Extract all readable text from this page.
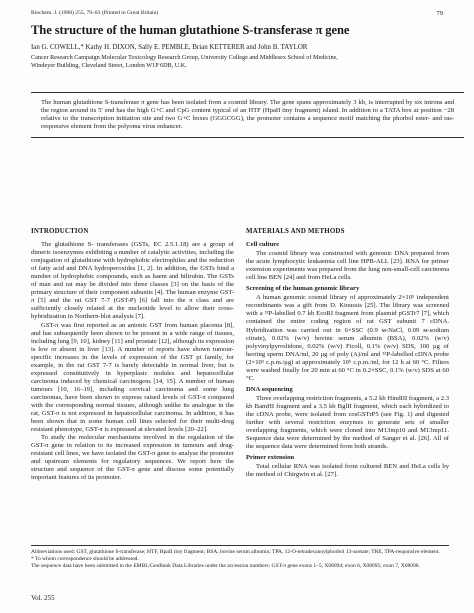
Biochem. J. (1988) 255, 79–83 (Printed in Great Britain)	79
The structure of the human glutathione S-transferase π gene
Ian G. COWELL,* Kathy H. DIXON, Sally E. PEMBLE, Brian KETTERER and John B. TAYLOR
Cancer Research Campaign Molecular Toxicology Research Group, University College and Middlesex School of Medicine,
Windeyer Building, Cleveland Street, London W1P 6DB, U.K.
The human glutathione S-transferase π gene has been isolated from a cosmid library. The gene spans approximately 3 kb, is interrupted by six introns and the region around its 5′ end has the high G+C and CpG content typical of an HTF (HpaII tiny fragment) island. In addition to a TATA box at position −28 relative to the transcription initiation site and two G+C boxes (GGGCGG), the promoter contains a sequence motif matching the phorbol ester- and ras-responsive element from the polyoma virus enhancer.
INTRODUCTION

The glutathione S- transferases (GSTs, EC 2.5.1.18) are a group of dimeric isoenzymes exhibiting a number of catalytic activities, including the conjugation of glutathione with hydrophobic electrophiles and the reduction of fatty acid and DNA hydroperoxides [1, 2]. In addition, the GSTs bind a number of hydrophobic compounds, such as haem and bilirubin. The GSTs of man and rat may be divided into three classes [3] on the basis of the primary structure of their component subunits [4]. The human enzyme GST-π [5] and the rat GST 7-7 (GST-P) [6] fall into the π class and are sufficiently closely related at the nucleotide level to allow their cross-hybridization in Northern-blot analysis [7].

GST-π was first reported as an anionic GST from human placenta [8], and has subsequently been shown to be present in a wide range of tissues, including lung [9, 10], kidney [11] and prostate [12], although its expression is low or absent in liver [13]. A number of reports have shown tumour-specific increases in the levels of expression of the GST pi family, for example, in the rat GST 7-7 is barely detectable in normal liver, but is expressed constitutively in hyperplasic nodules and hepatocellular carcinoma induced by chemical carcinogens [14, 15]. A number of human tumours [10, 16–19], including cervical carcinoma and some lung carcinomas, have been shown to express raised levels of GST-π compared with the corresponding normal tissues, although unlike its analogue in the rat, GST-π is not expressed in hepatocellular carcinoma. In addition, it has been shown that in some human cell lines selected for their multi-drug resistant phenotype, GST-π is expressed at elevated levels [20–22].

To study the molecular mechanisms involved in the regulation of the GST-π gene in relation to its increased expression in tumours and drug-resistant cell lines, we have isolated the GST-π gene to analyse the promoter and upstream elements for regulatory sequences. We report here the structure and sequence of the GST-π gene and discuss some potentially important features of its promoter.

MATERIALS AND METHODS
Cell culture

The cosmid library was constructed with genomic DNA prepared from the acute lymphocytic leukaemia cell line HPB-ALL [23]. RNA for primer extension experiments was prepared from the lung non-small-cell carcinoma cell line BEN [24] and from HeLa cells.

Screening of the human genomic library

A human genomic cosmid library of approximately 2×10⁵ independent recombinants was a gift from D. Kioussis [25]. The library was screened with a ³²P-labelled 0.7 kb EcoRI fragment from plasmid pGSTr7 [7], which contained the entire coding region of rat GST subunit 7 cDNA. Hybridization was carried out in 6×SSC (0.9 м-NaCl, 0.09 м-sodium citrate), 0.02% (w/v) bovine serum albumin (BSA), 0.02% (w/v) polyvinylpyrrolidone, 0.02% (w/v) Ficoll, 0.1% (w/v) SDS, 100 μg of herring sperm DNA/ml, 20 μg of poly (A)/ml and ³²P-labelled cDNA probe (2×10⁵ c.p.m./μg) at approximately 10⁶ c.p.m./ml, for 12 h at 60 °C. Filters were washed finally for 20 min at 60 °C in 0.2×SSC, 0.1% (w/v) SDS at 60 °C.

DNA sequencing

Three overlapping restriction fragments, a 5.2 kb HindIII fragment, a 2.3 kb BamHI fragment and a 3.5 kb BglII fragment, which each hybridized to the cDNA probe, were isolated from cosGSTrP5 (see Fig. 1) and digested further with several restriction enzymes to generate sets of smaller overlapping fragments, which were cloned into M13mp10 and M13mp11. Sequence data were determined by the method of Sanger et al. [26]. All of the sequence data were determined from both strands.

Primer extension

Total cellular RNA was isolated from cultured BEN and HeLa cells by the method of Chirgwin et al. [27].

Abbreviations used: GST, glutathione S-transferase; HTF, HpaII tiny fragment; BSA, bovine serum albumin; TPA, 12-O-tetradecanoylphorbol 13-acetate; TRE, TPA-responsive element.
* To whom correspondence should be addressed.
The sequence data have been submitted to the EMBL/GenBank Data Libraries under the accession numbers: GST-π gene exons 1–5, X08094; exon 6, X08095; exon 7, X08096.
Vol. 255
